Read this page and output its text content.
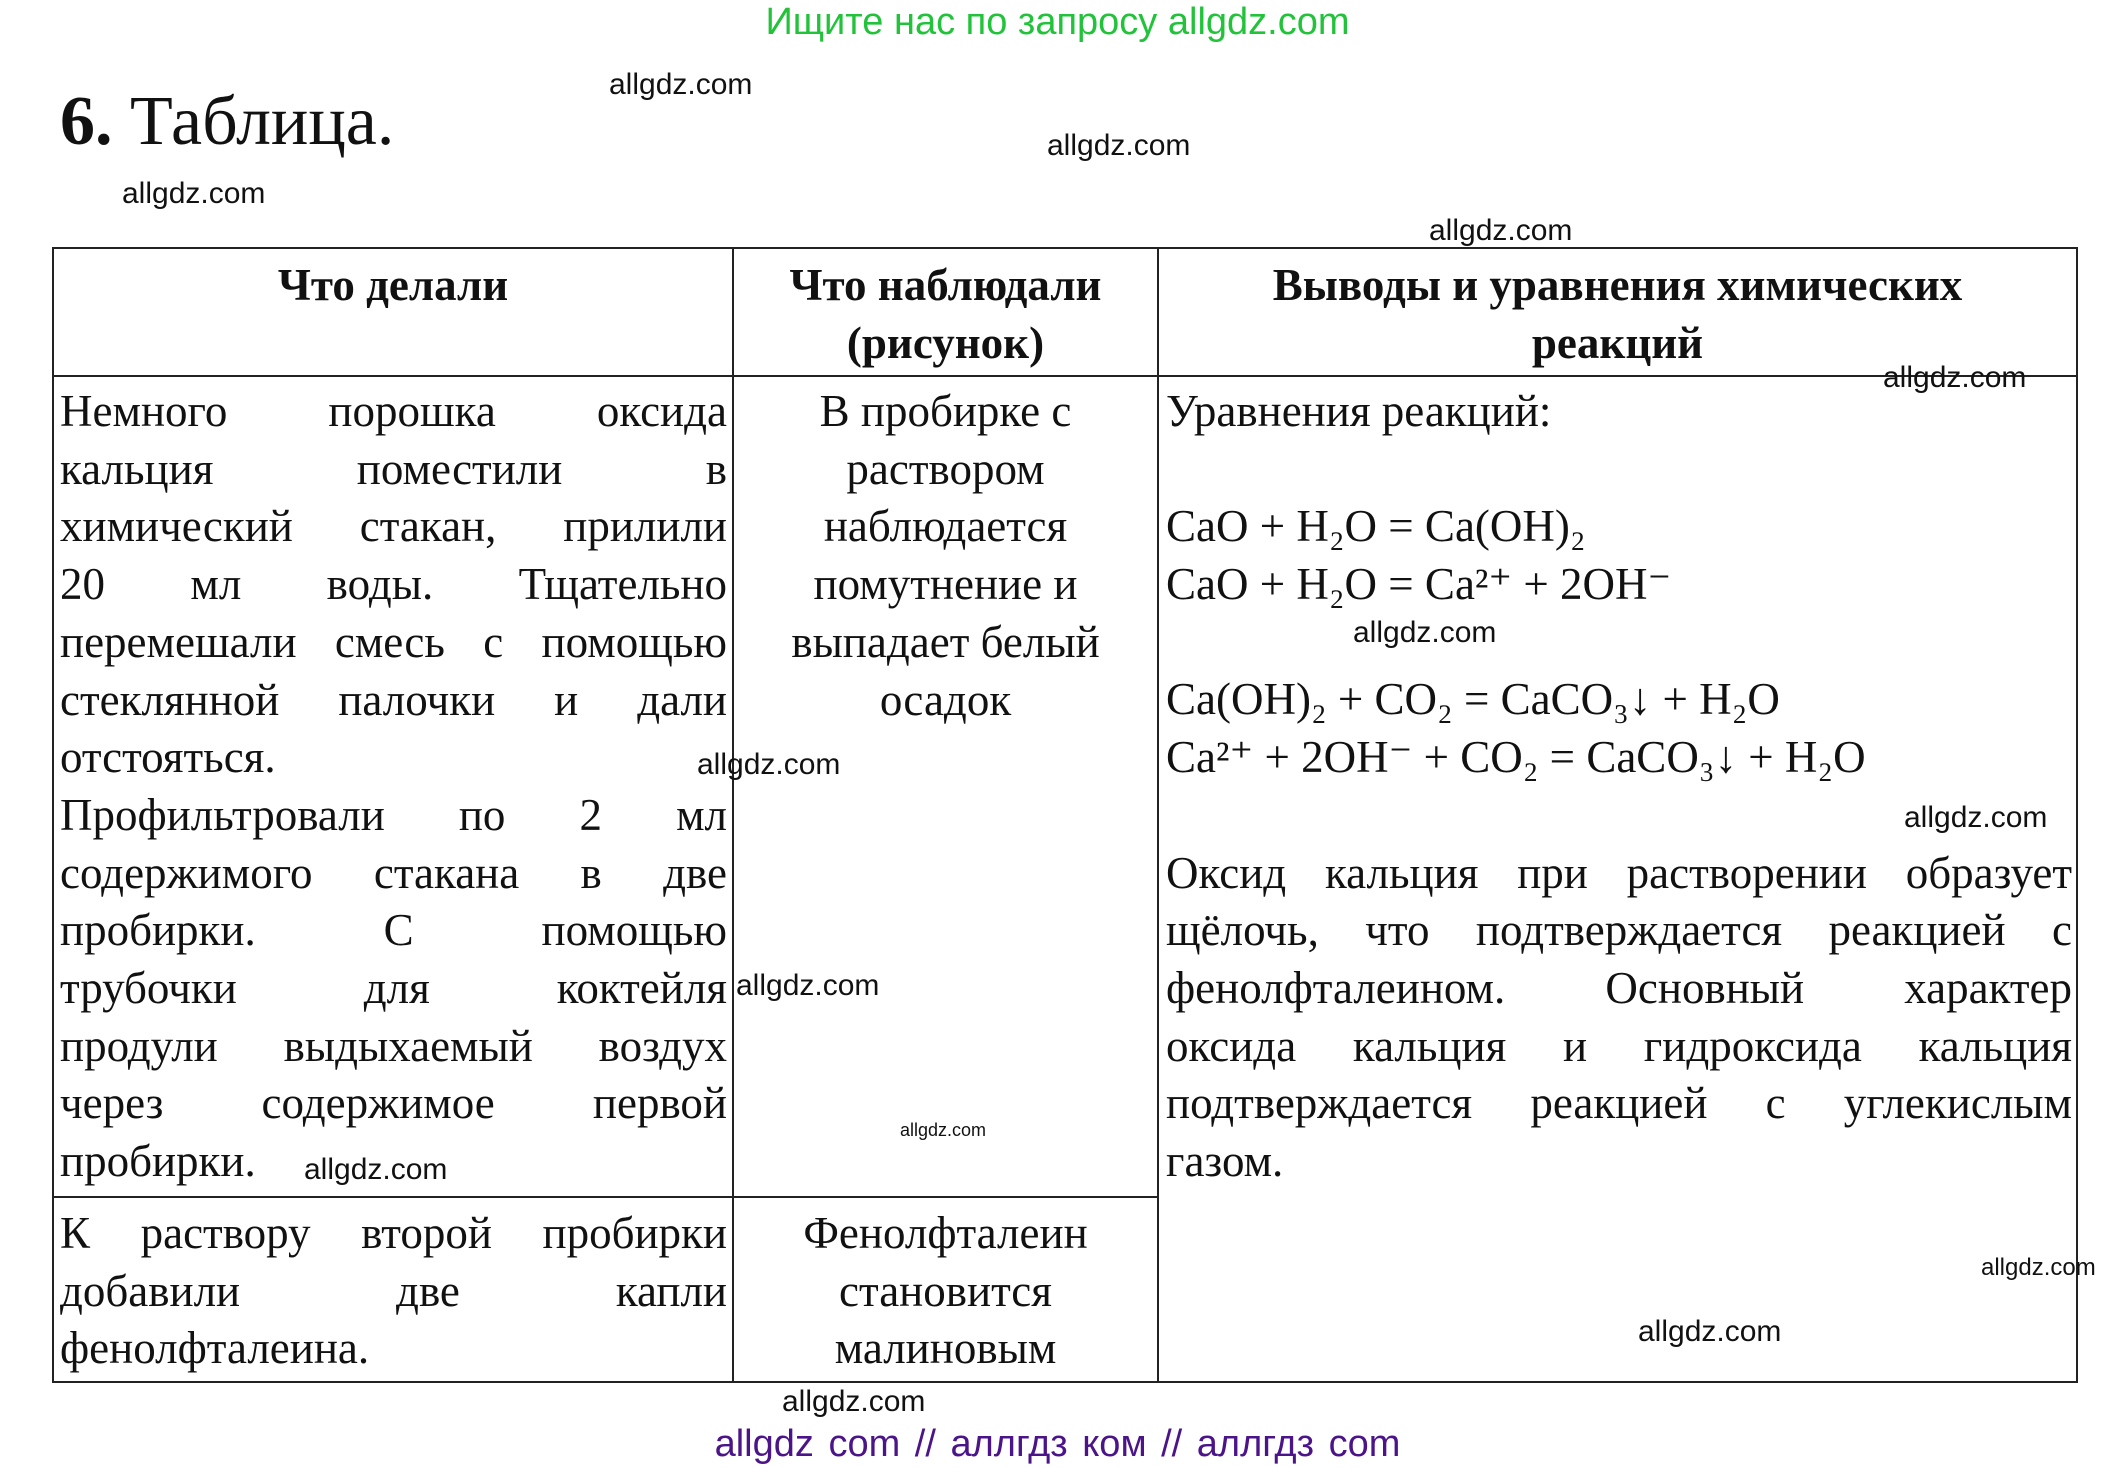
Ищите нас по запросу allgdz.com
6. Таблица.
Что делали	Что наблюдали
(рисунок)
Выводы и уравнения химических
реакций
Немного порошка оксида
кальция поместили в
химический стакан, прилили
20 мл воды. Тщательно
перемешали смесь с помощью
стеклянной палочки и дали
отстояться.
Профильтровали по 2 мл
содержимого стакана в две
пробирки. С помощью
трубочки для коктейля
продули выдыхаемый воздух
через содержимое первой
пробирки.
В пробирке с
раствором
наблюдается
помутнение и
выпадает белый
осадок
К раствору второй пробирки
добавили две капли
фенолфталеина.
Фенолфталеин
становится
малиновым
Уравнения реакций:
CaO + H₂O = Ca(OH)₂
CaO + H₂O = Ca²⁺ + 2OH⁻
Ca(OH)₂ + CO₂ = CaCO₃↓ + H₂O
Ca²⁺ + 2OH⁻ + CO₂ = CaCO₃↓ + H₂O
Оксид кальция при растворении образует
щёлочь, что подтверждается реакцией с
фенолфталеином. Основный характер
оксида кальция и гидроксида кальция
подтверждается реакцией с углекислым
газом.
allgdz.com
allgdz.com
allgdz.com
allgdz.com
allgdz.com
allgdz.com
allgdz.com
allgdz.com
allgdz.com
allgdz.com
allgdz.com
allgdz.com
allgdz.com
allgdz.com
allgdz com // аллгдз ком // аллгдз com
